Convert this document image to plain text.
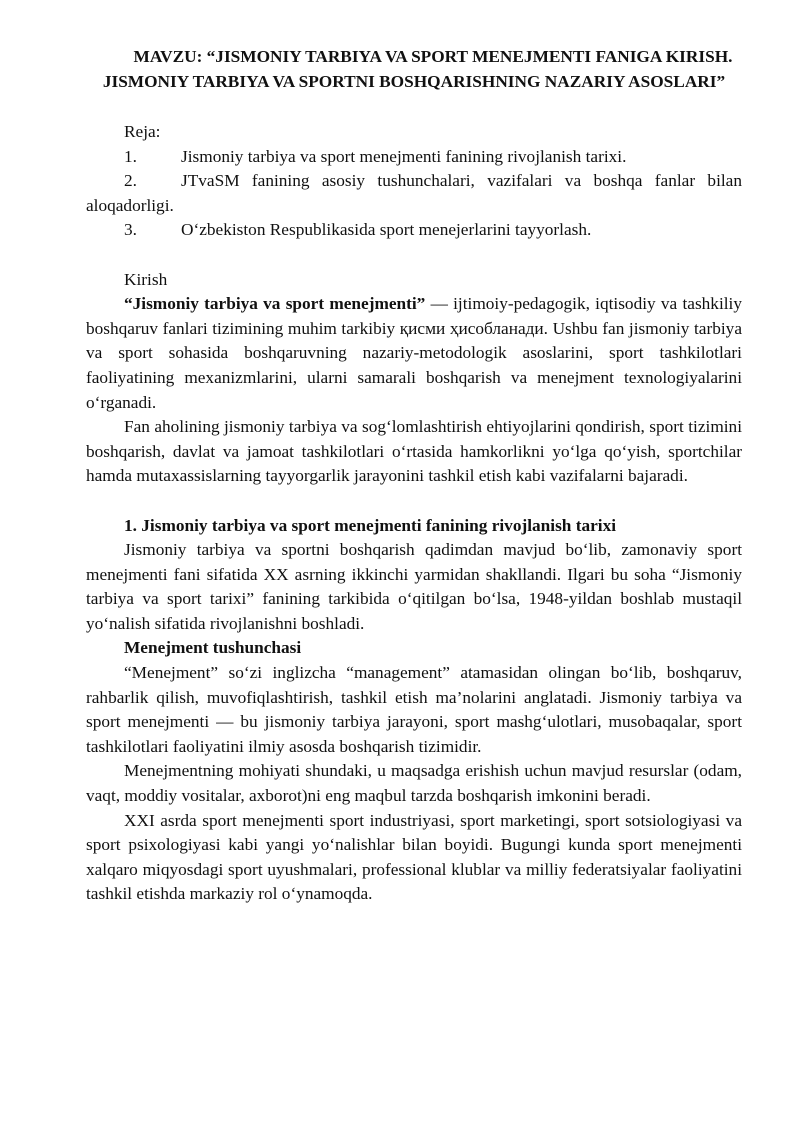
MAVZU: “JISMONIY TARBIYA VA SPORT MENEJMENTI FANIGA KIRISH. JISMONIY TARBIYA VA SPORTNI BOSHQARISHNING NAZARIY ASOSLARI”

Reja:

1.	Jismoniy tarbiya va sport menejmenti fanining rivojlanish tarixi.

2.	JTvaSM fanining asosiy tushunchalari, vazifalari va boshqa fanlar bilan aloqadorligi.

3.	O‘zbekiston Respublikasida sport menejerlarini tayyorlash.

Kirish

“Jismoniy tarbiya va sport menejmenti” — ijtimoiy-pedagogik, iqtisodiy va tashkiliy boshqaruv fanlari tizimining muhim tarkibiy қисми ҳисобланади. Ushbu fan jismoniy tarbiya va sport sohasida boshqaruvning nazariy-metodologik asoslarini, sport tashkilotlari faoliyatining mexanizmlarini, ularni samarali boshqarish va menejment texnologiyalarini o‘rganadi.

Fan aholining jismoniy tarbiya va sog‘lomlashtirish ehtiyojlarini qondirish, sport tizimini boshqarish, davlat va jamoat tashkilotlari o‘rtasida hamkorlikni yo‘lga qo‘yish, sportchilar hamda mutaxassislarning tayyorgarlik jarayonini tashkil etish kabi vazifalarni bajaradi.

1. Jismoniy tarbiya va sport menejmenti fanining rivojlanish tarixi

Jismoniy tarbiya va sportni boshqarish qadimdan mavjud bo‘lib, zamonaviy sport menejmenti fani sifatida XX asrning ikkinchi yarmidan shakllandi. Ilgari bu soha “Jismoniy tarbiya va sport tarixi” fanining tarkibida o‘qitilgan bo‘lsa, 1948-yildan boshlab mustaqil yo‘nalish sifatida rivojlanishni boshladi.

Menejment tushunchasi

“Menejment” so‘zi inglizcha “management” atamasidan olingan bo‘lib, boshqaruv, rahbarlik qilish, muvofiqlashtirish, tashkil etish ma’nolarini anglatadi. Jismoniy tarbiya va sport menejmenti — bu jismoniy tarbiya jarayoni, sport mashg‘ulotlari, musobaqalar, sport tashkilotlari faoliyatini ilmiy asosda boshqarish tizimidir.

Menejmentning mohiyati shundaki, u maqsadga erishish uchun mavjud resurslar (odam, vaqt, moddiy vositalar, axborot)ni eng maqbul tarzda boshqarish imkonini beradi.

XXI asrda sport menejmenti sport industriyasi, sport marketingi, sport sotsiologiyasi va sport psixologiyasi kabi yangi yo‘nalishlar bilan boyidi. Bugungi kunda sport menejmenti xalqaro miqyosdagi sport uyushmalari, professional klublar va milliy federatsiyalar faoliyatini tashkil etishda markaziy rol o‘ynamoqda.
